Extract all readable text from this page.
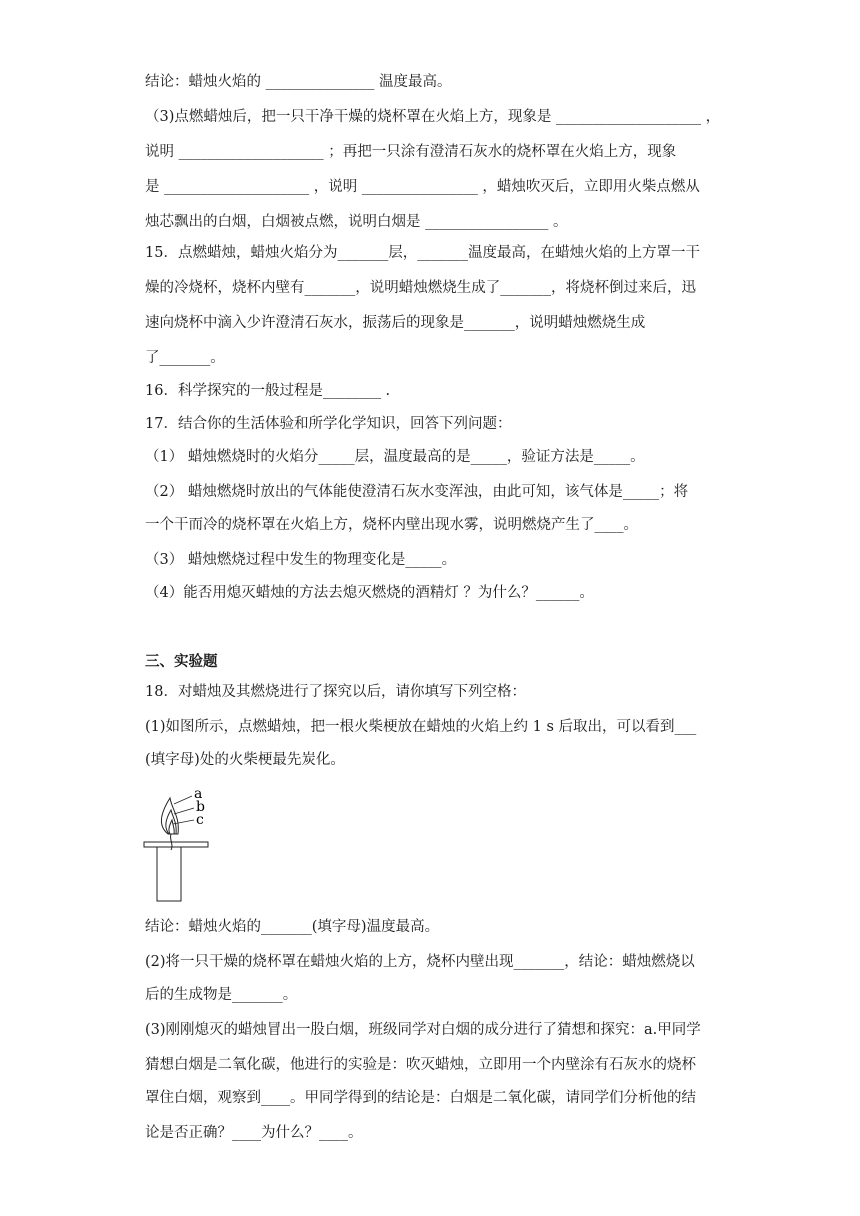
结论：蜡烛火焰的 _______________ 温度最高。
（3)点燃蜡烛后，把一只干净干燥的烧杯罩在火焰上方，现象是 ____________________ ，
说明 ____________________ ；再把一只涂有澄清石灰水的烧杯罩在火焰上方，现象
是 ____________________ ，说明 ________________ ，蜡烛吹灭后，立即用火柴点燃从
烛芯飘出的白烟，白烟被点燃，说明白烟是 _________________ 。
15．点燃蜡烛，蜡烛火焰分为_______层，_______温度最高，在蜡烛火焰的上方罩一干
燥的冷烧杯，烧杯内壁有_______，说明蜡烛燃烧生成了_______，将烧杯倒过来后，迅
速向烧杯中滴入少许澄清石灰水，振荡后的现象是_______，说明蜡烛燃烧生成
了_______。
16．科学探究的一般过程是________ .
17．结合你的生活体验和所学化学知识，回答下列问题：
（1） 蜡烛燃烧时的火焰分_____层，温度最高的是_____，验证方法是_____。
（2） 蜡烛燃烧时放出的气体能使澄清石灰水变浑浊，由此可知，该气体是_____；将
一个干而冷的烧杯罩在火焰上方，烧杯内壁出现水雾，说明燃烧产生了____。
（3） 蜡烛燃烧过程中发生的物理变化是_____。
（4）能否用熄灭蜡烛的方法去熄灭燃烧的酒精灯 ？为什么？______。
三、实验题
18．对蜡烛及其燃烧进行了探究以后，请你填写下列空格：
(1)如图所示，点燃蜡烛，把一根火柴梗放在蜡烛的火焰上约 1 s 后取出，可以看到___
(填字母)处的火柴梗最先炭化。
结论：蜡烛火焰的_______(填字母)温度最高。
(2)将一只干燥的烧杯罩在蜡烛火焰的上方，烧杯内壁出现_______，结论：蜡烛燃烧以
后的生成物是_______。
(3)刚刚熄灭的蜡烛冒出一股白烟，班级同学对白烟的成分进行了猜想和探究：a.甲同学
猜想白烟是二氧化碳，他进行的实验是：吹灭蜡烛，立即用一个内壁涂有石灰水的烧杯
罩住白烟，观察到____。甲同学得到的结论是：白烟是二氧化碳，请同学们分析他的结
论是否正确？____为什么？____。
a
b
c
